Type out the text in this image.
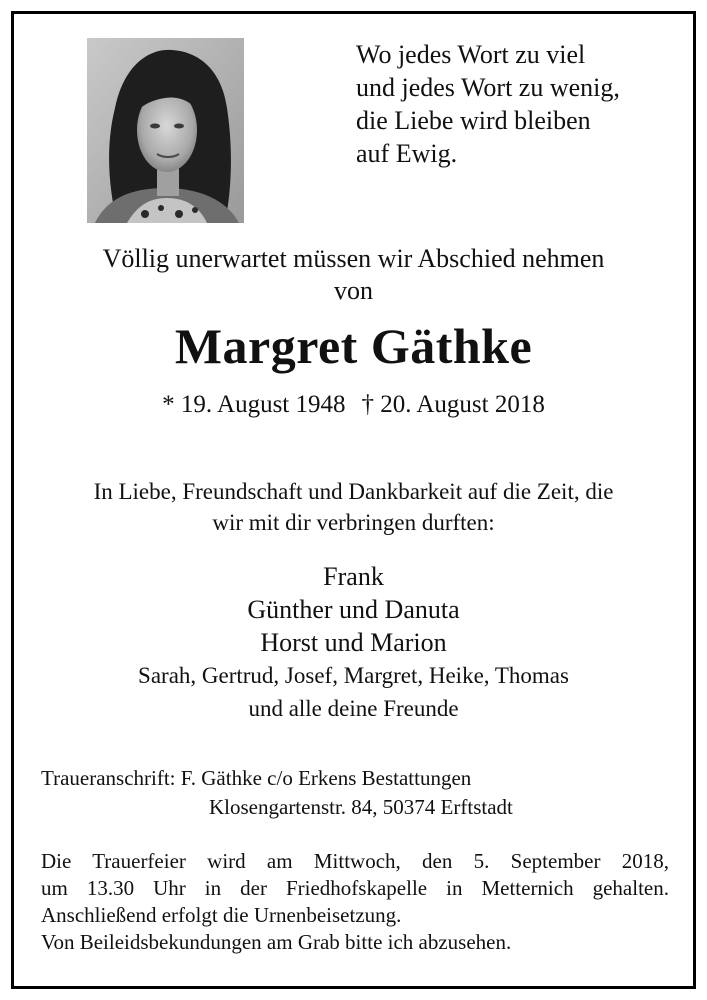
Wo jedes Wort zu viel
und jedes Wort zu wenig,
die Liebe wird bleiben
auf Ewig.
Völlig unerwartet müssen wir Abschied nehmen
von
Margret Gäthke
* 19. August 1948 † 20. August 2018
In Liebe, Freundschaft und Dankbarkeit auf die Zeit, die
wir mit dir verbringen durften:
Frank
Günther und Danuta
Horst und Marion
Sarah, Gertrud, Josef, Margret, Heike, Thomas
und alle deine Freunde
Traueranschrift: F. Gäthke c/o Erkens Bestattungen
Klosengartenstr. 84, 50374 Erftstadt
Die Trauerfeier wird am Mittwoch, den 5. September 2018,
um 13.30 Uhr in der Friedhofskapelle in Metternich gehalten.
Anschließend erfolgt die Urnenbeisetzung.
Von Beileidsbekundungen am Grab bitte ich abzusehen.
